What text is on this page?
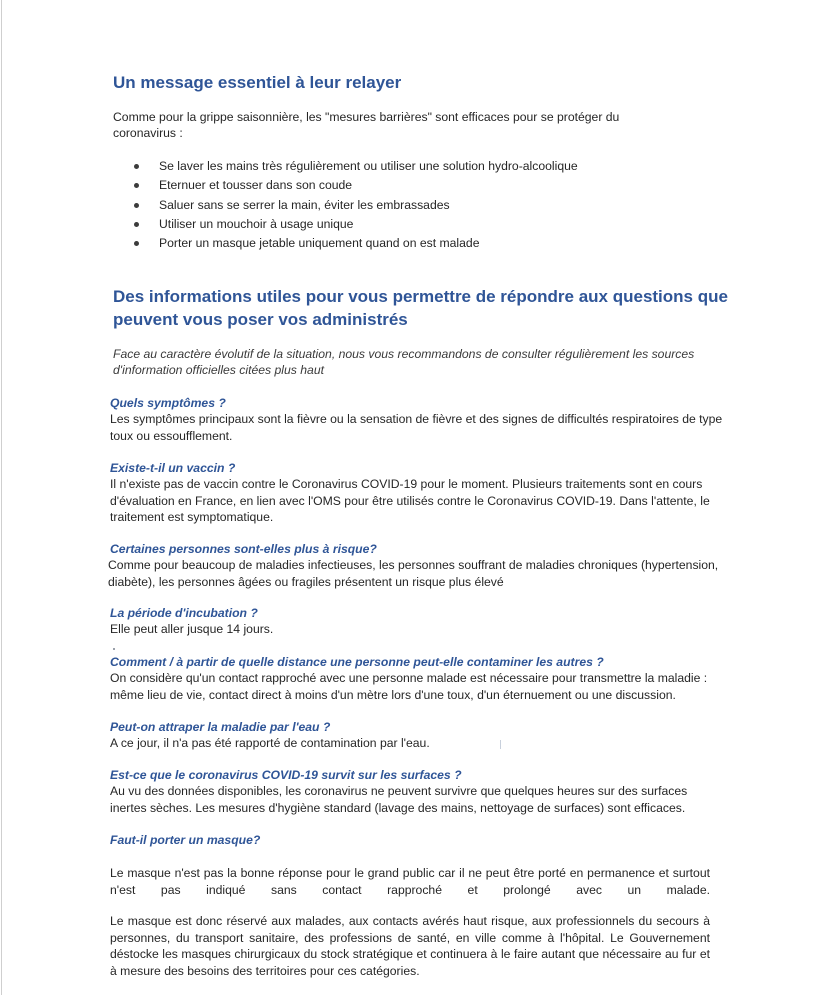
Un message essentiel à leur relayer
Comme pour la grippe saisonnière, les "mesures barrières" sont efficaces pour se protéger du coronavirus :
Se laver les mains très régulièrement ou utiliser une solution hydro-alcoolique
Eternuer et tousser dans son coude
Saluer sans se serrer la main, éviter les embrassades
Utiliser un mouchoir à usage unique
Porter un masque jetable uniquement quand on est malade
Des informations utiles pour vous permettre de répondre aux questions que
peuvent vous poser vos administrés
Face au caractère évolutif de la situation, nous vous recommandons de consulter régulièrement les sources d'information officielles citées plus haut
Quels symptômes ?
Les symptômes principaux sont la fièvre ou la sensation de fièvre et des signes de difficultés respiratoires de type toux ou essoufflement.
Existe-t-il un vaccin ?
Il n'existe pas de vaccin contre le Coronavirus COVID-19 pour le moment. Plusieurs traitements sont en cours d'évaluation en France, en lien avec l'OMS pour être utilisés contre le Coronavirus COVID-19. Dans l'attente, le traitement est symptomatique.
Certaines personnes sont-elles plus à risque?
Comme pour beaucoup de maladies infectieuses, les personnes souffrant de maladies chroniques (hypertension, diabète), les personnes âgées ou fragiles présentent un risque plus élevé
La période d'incubation ?
Elle peut aller jusque 14 jours.
Comment / à partir de quelle distance une personne peut-elle contaminer les autres ?
On considère qu'un contact rapproché avec une personne malade est nécessaire pour transmettre la maladie : même lieu de vie, contact direct à moins d'un mètre lors d'une toux, d'un éternuement ou une discussion.
Peut-on attraper la maladie par l'eau ?
A ce jour, il n'a pas été rapporté de contamination par l'eau.
Est-ce que le coronavirus COVID-19 survit sur les surfaces ?
Au vu des données disponibles, les coronavirus ne peuvent survivre que quelques heures sur des surfaces inertes sèches. Les mesures d'hygiène standard (lavage des mains, nettoyage de surfaces) sont efficaces.
Faut-il porter un masque?
Le masque n'est pas la bonne réponse pour le grand public car il ne peut être porté en permanence et surtout n'est pas indiqué sans contact rapproché et prolongé avec un malade.
Le masque est donc réservé aux malades, aux contacts avérés haut risque, aux professionnels du secours à personnes, du transport sanitaire, des professions de santé, en ville comme à l'hôpital. Le Gouvernement déstocke les masques chirurgicaux du stock stratégique et continuera à le faire autant que nécessaire au fur et à mesure des besoins des territoires pour ces catégories.
